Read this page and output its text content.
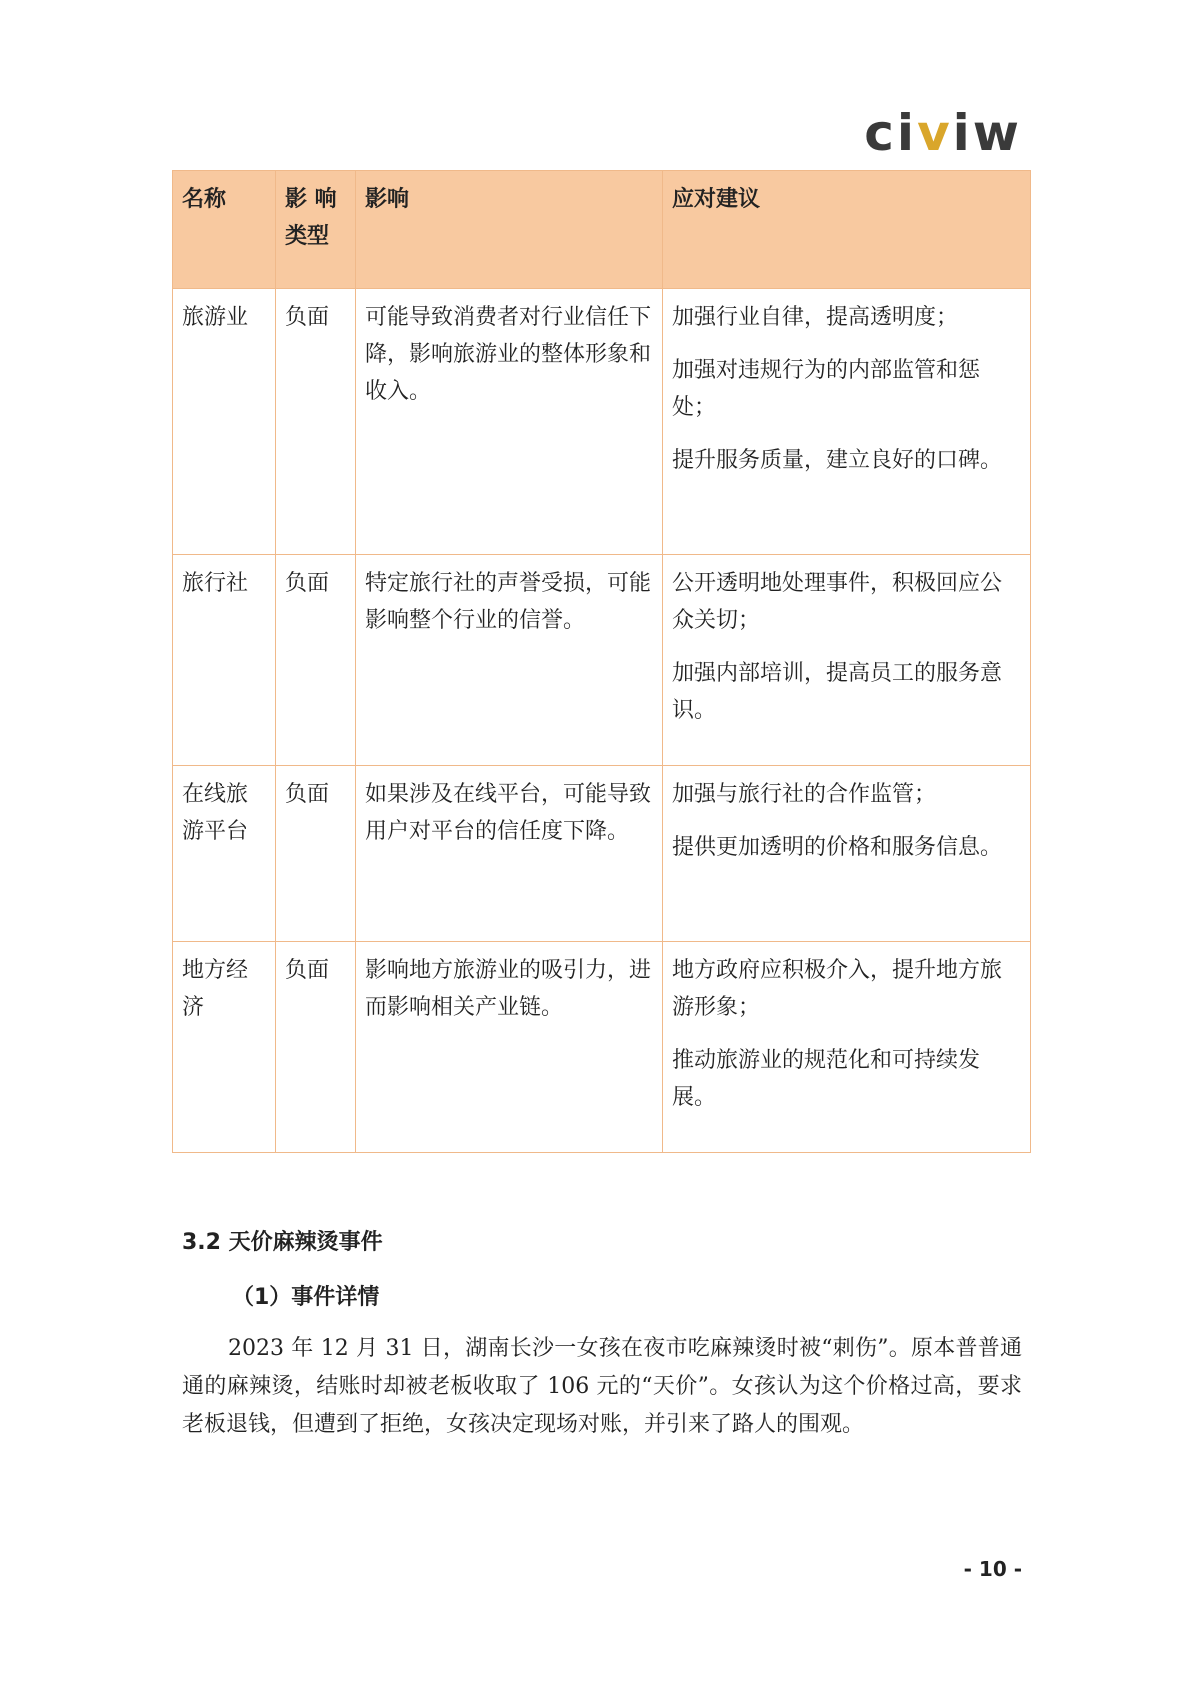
civiw
名称	影 响 类型	影响	应对建议
旅游业	负面	可能导致消费者对行业信任下降，影响旅游业的整体形象和收入。	加强行业自律，提高透明度；

加强对违规行为的内部监管和惩处；

提升服务质量，建立良好的口碑。

旅行社	负面	特定旅行社的声誉受损，可能影响整个行业的信誉。	公开透明地处理事件，积极回应公众关切；

加强内部培训，提高员工的服务意识。

在线旅游平台	负面	如果涉及在线平台，可能导致用户对平台的信任度下降。	加强与旅行社的合作监管；

提供更加透明的价格和服务信息。

地方经济	负面	影响地方旅游业的吸引力，进而影响相关产业链。	地方政府应积极介入，提升地方旅游形象；

推动旅游业的规范化和可持续发展。

3.2 天价麻辣烫事件
（1）事件详情

2023 年 12 月 31 日，湖南长沙一女孩在夜市吃麻辣烫时被“刺伤”。原本普普通通的麻辣烫，结账时却被老板收取了 106 元的“天价”。女孩认为这个价格过高，要求老板退钱，但遭到了拒绝，女孩决定现场对账，并引来了路人的围观。

- 10 -
